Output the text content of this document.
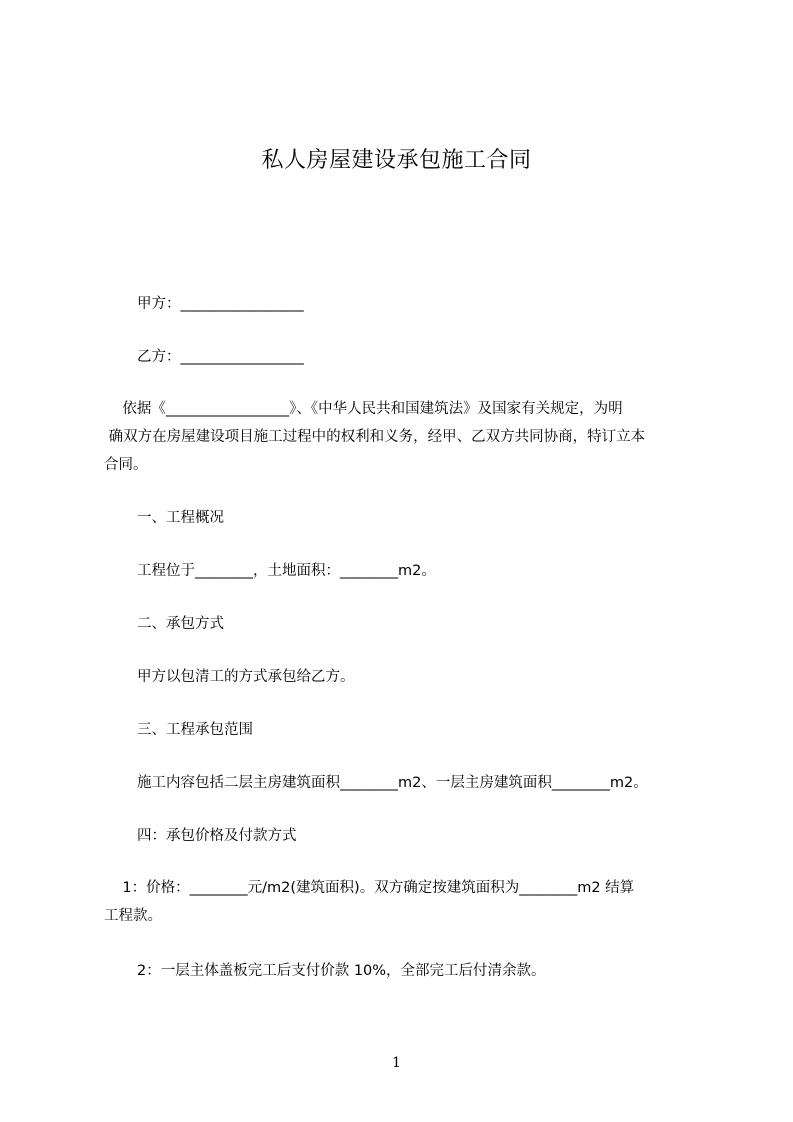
私人房屋建设承包施工合同
甲方：_________________
乙方：_________________
依据《_________________》、《中华人民共和国建筑法》及国家有关规定，为明
确双方在房屋建设项目施工过程中的权利和义务，经甲、乙双方共同协商，特订立本
合同。
一、工程概况
工程位于________，土地面积：________m2。
二、承包方式
甲方以包清工的方式承包给乙方。
三、工程承包范围
施工内容包括二层主房建筑面积________m2、一层主房建筑面积________m2。
四：承包价格及付款方式
1：价格：________元/m2(建筑面积)。双方确定按建筑面积为________m2 结算
工程款。
2：一层主体盖板完工后支付价款 10%，全部完工后付清余款。
1
